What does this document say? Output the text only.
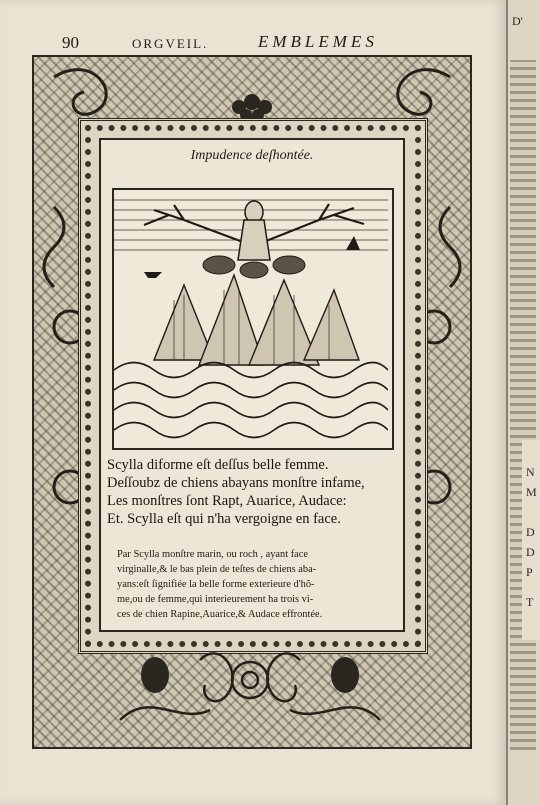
90	ORGVEIL.	EMBLEMES
Impudence deſhontée.
Scylla diforme eſt deſſus belle femme.
Deſſoubz de chiens abayans monſtre infame,
Les monſtres ſont Rapt, Auarice, Audace:
Et. Scylla eſt qui n'ha vergoigne en face.
Par Scylla monſtre marin, ou roch , ayant face
virginalle,& le bas plein de teſtes de chiens aba-
yans:eſt ſignifiée la belle forme exterieure d'hõ-
me,ou de femme,qui interieurement ha trois vi-
ces de chien Rapine,Auarice,& Audace effrontée.
D'
N
M
D
D
P
T
